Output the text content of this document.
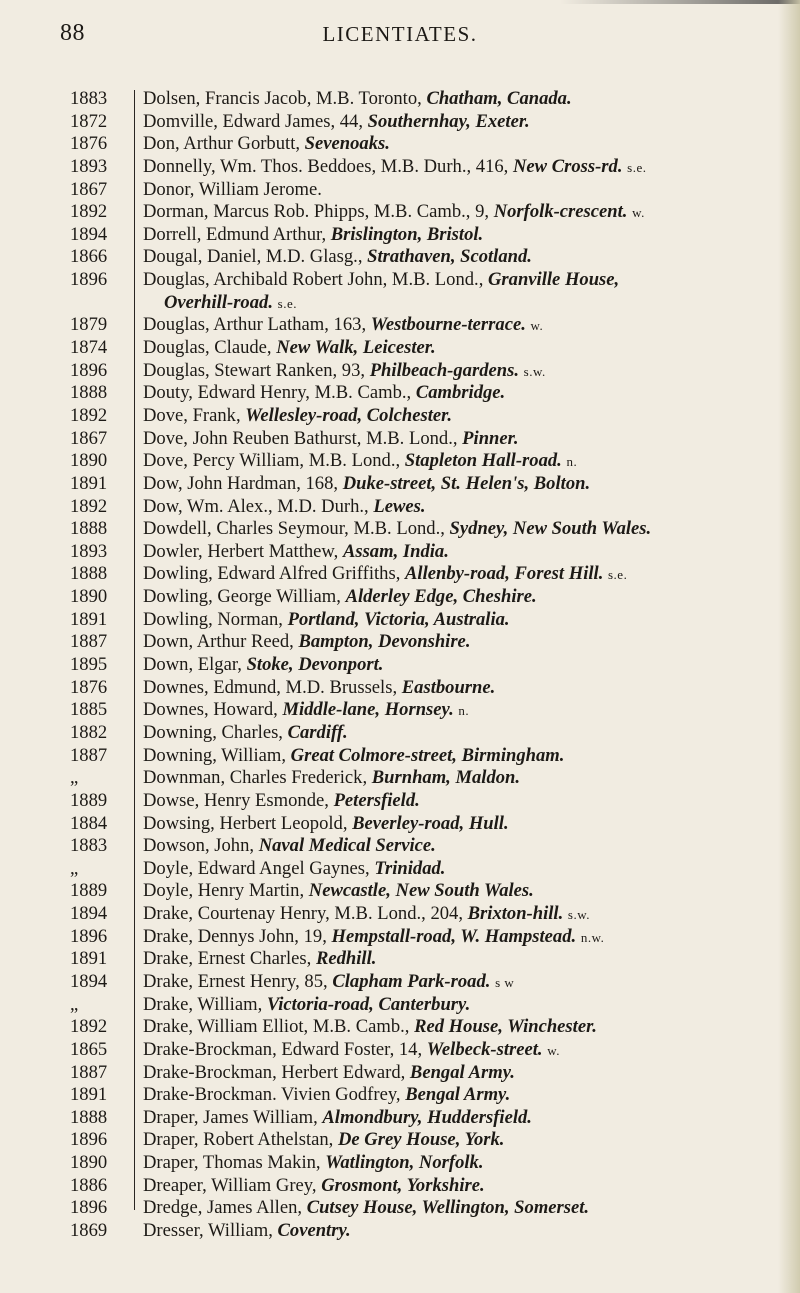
88	LICENTIATES.
1883	Dolsen, Francis Jacob, M.B. Toronto, Chatham, Canada.
1872	Domville, Edward James, 44, Southernhay, Exeter.
1876	Don, Arthur Gorbutt, Sevenoaks.
1893	Donnelly, Wm. Thos. Beddoes, M.B. Durh., 416, New Cross-rd. s.e.
1867	Donor, William Jerome.
1892	Dorman, Marcus Rob. Phipps, M.B. Camb., 9, Norfolk-crescent. w.
1894	Dorrell, Edmund Arthur, Brislington, Bristol.
1866	Dougal, Daniel, M.D. Glasg., Strathaven, Scotland.
1896	Douglas, Archibald Robert John, M.B. Lond., Granville House,
Overhill-road. s.e.
1879	Douglas, Arthur Latham, 163, Westbourne-terrace. w.
1874	Douglas, Claude, New Walk, Leicester.
1896	Douglas, Stewart Ranken, 93, Philbeach-gardens. s.w.
1888	Douty, Edward Henry, M.B. Camb., Cambridge.
1892	Dove, Frank, Wellesley-road, Colchester.
1867	Dove, John Reuben Bathurst, M.B. Lond., Pinner.
1890	Dove, Percy William, M.B. Lond., Stapleton Hall-road. n.
1891	Dow, John Hardman, 168, Duke-street, St. Helen's, Bolton.
1892	Dow, Wm. Alex., M.D. Durh., Lewes.
1888	Dowdell, Charles Seymour, M.B. Lond., Sydney, New South Wales.
1893	Dowler, Herbert Matthew, Assam, India.
1888	Dowling, Edward Alfred Griffiths, Allenby-road, Forest Hill. s.e.
1890	Dowling, George William, Alderley Edge, Cheshire.
1891	Dowling, Norman, Portland, Victoria, Australia.
1887	Down, Arthur Reed, Bampton, Devonshire.
1895	Down, Elgar, Stoke, Devonport.
1876	Downes, Edmund, M.D. Brussels, Eastbourne.
1885	Downes, Howard, Middle-lane, Hornsey. n.
1882	Downing, Charles, Cardiff.
1887	Downing, William, Great Colmore-street, Birmingham.
„	Downman, Charles Frederick, Burnham, Maldon.
1889	Dowse, Henry Esmonde, Petersfield.
1884	Dowsing, Herbert Leopold, Beverley-road, Hull.
1883	Dowson, John, Naval Medical Service.
„	Doyle, Edward Angel Gaynes, Trinidad.
1889	Doyle, Henry Martin, Newcastle, New South Wales.
1894	Drake, Courtenay Henry, M.B. Lond., 204, Brixton-hill. s.w.
1896	Drake, Dennys John, 19, Hempstall-road, W. Hampstead. n.w.
1891	Drake, Ernest Charles, Redhill.
1894	Drake, Ernest Henry, 85, Clapham Park-road. s w
„	Drake, William, Victoria-road, Canterbury.
1892	Drake, William Elliot, M.B. Camb., Red House, Winchester.
1865	Drake-Brockman, Edward Foster, 14, Welbeck-street. w.
1887	Drake-Brockman, Herbert Edward, Bengal Army.
1891	Drake-Brockman. Vivien Godfrey, Bengal Army.
1888	Draper, James William, Almondbury, Huddersfield.
1896	Draper, Robert Athelstan, De Grey House, York.
1890	Draper, Thomas Makin, Watlington, Norfolk.
1886	Dreaper, William Grey, Grosmont, Yorkshire.
1896	Dredge, James Allen, Cutsey House, Wellington, Somerset.
1869	Dresser, William, Coventry.
